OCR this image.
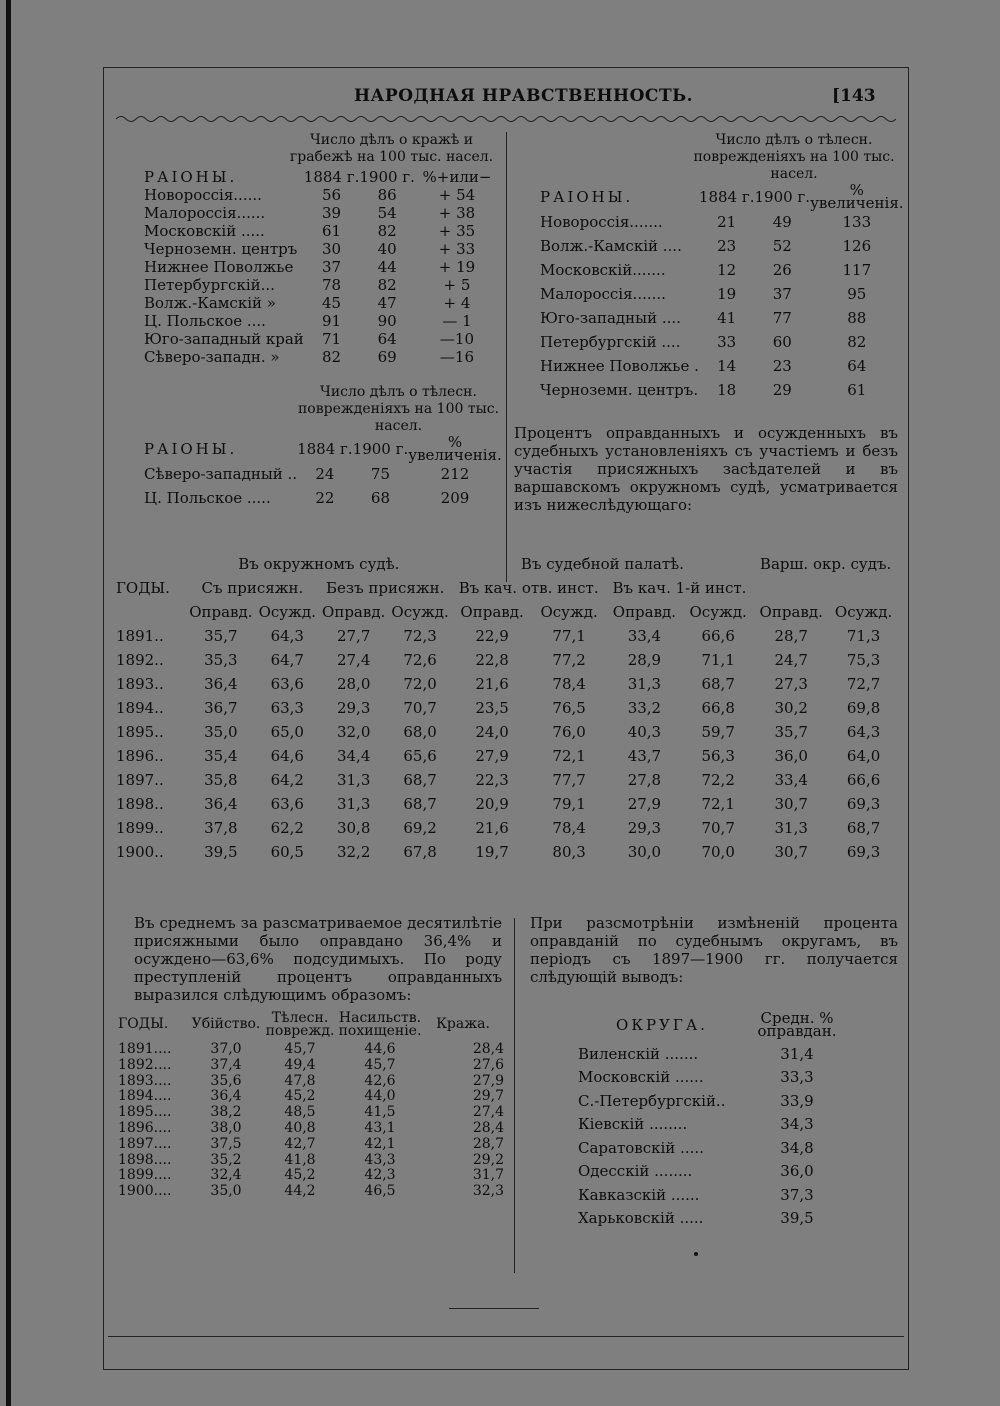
НАРОДНАЯ НРАВСТВЕННОСТЬ.	[143
Число дѣлъ о кражѣ и грабежѣ на 100 тыс. насел.
РАIОНЫ.	1884 г.	1900 г.	%+или−
Новороссія......	56	86	+ 54
Малороссія......	39	54	+ 38
Московскій .....	61	82	+ 35
Черноземн. центръ	30	40	+ 33
Нижнее Поволжье	37	44	+ 19
Петербургскій...	78	82	+ 5
Волж.-Камскій »	45	47	+ 4
Ц. Польское ....	91	90	— 1
Юго-западный край	71	64	—10
Сѣверо-западн. »	82	69	—16
Число дѣлъ о тѣлесн. поврежденіяхъ на 100 тыс. насел.
РАIОНЫ.	1884 г.	1900 г.	% увеличенія.
Сѣверо-западный ..	24	75	212
Ц. Польское .....	22	68	209
Число дѣлъ о тѣлесн. поврежденіяхъ на 100 тыс. насел.
РАIОНЫ.	1884 г.	1900 г.	% увеличенія.
Новороссія.......	21	49	133
Волж.-Камскій ....	23	52	126
Московскій.......	12	26	117
Малороссія.......	19	37	95
Юго-западный ....	41	77	88
Петербургскій ....	33	60	82
Нижнее Поволжье .	14	23	64
Черноземн. центръ.	18	29	61
Процентъ оправданныхъ и осужденныхъ въ судебныхъ установленіяхъ съ участіемъ и безъ участія присяжныхъ засѣдателей и въ варшавскомъ окружномъ судѣ, усматривается изъ нижеслѣдующаго:
	Въ окружномъ судѣ.				Въ судебной палатѣ.				Варш. окр. судъ.	
ГОДЫ.	Съ присяжн.		Безъ присяжн.		Въ кач. отв. инст.		Въ кач. 1-й инст.			
	Оправд.	Осужд.	Оправд.	Осужд.	Оправд.	Осужд.	Оправд.	Осужд.	Оправд.	Осужд.
1891..	35,7	64,3	27,7	72,3	22,9	77,1	33,4	66,6	28,7	71,3
1892..	35,3	64,7	27,4	72,6	22,8	77,2	28,9	71,1	24,7	75,3
1893..	36,4	63,6	28,0	72,0	21,6	78,4	31,3	68,7	27,3	72,7
1894..	36,7	63,3	29,3	70,7	23,5	76,5	33,2	66,8	30,2	69,8
1895..	35,0	65,0	32,0	68,0	24,0	76,0	40,3	59,7	35,7	64,3
1896..	35,4	64,6	34,4	65,6	27,9	72,1	43,7	56,3	36,0	64,0
1897..	35,8	64,2	31,3	68,7	22,3	77,7	27,8	72,2	33,4	66,6
1898..	36,4	63,6	31,3	68,7	20,9	79,1	27,9	72,1	30,7	69,3
1899..	37,8	62,2	30,8	69,2	21,6	78,4	29,3	70,7	31,3	68,7
1900..	39,5	60,5	32,2	67,8	19,7	80,3	30,0	70,0	30,7	69,3
Въ среднемъ за разсматриваемое десятилѣтіе присяжными было оправдано 36,4% и осуждено—63,6% подсудимыхъ. По роду преступленій процентъ оправданныхъ выразился слѣдующимъ образомъ:
ГОДЫ.	Убійство.	Тѣлесн. поврежд.	Насильств. похищеніе.	Кража.
1891....	37,0	45,7	44,6	28,4
1892....	37,4	49,4	45,7	27,6
1893....	35,6	47,8	42,6	27,9
1894....	36,4	45,2	44,0	29,7
1895....	38,2	48,5	41,5	27,4
1896....	38,0	40,8	43,1	28,4
1897....	37,5	42,7	42,1	28,7
1898....	35,2	41,8	43,3	29,2
1899....	32,4	45,2	42,3	31,7
1900....	35,0	44,2	46,5	32,3
При разсмотрѣніи измѣненій процента оправданій по судебнымъ округамъ, въ періодъ съ 1897—1900 гг. получается слѣдующій выводъ:
ОКРУГА.	Средн. % оправдан.
Виленскій .......	31,4
Московскій ......	33,3
С.-Петербургскій..	33,9
Кіевскій ........	34,3
Саратовскій .....	34,8
Одесскій ........	36,0
Кавказскій ......	37,3
Харьковскій .....	39,5
